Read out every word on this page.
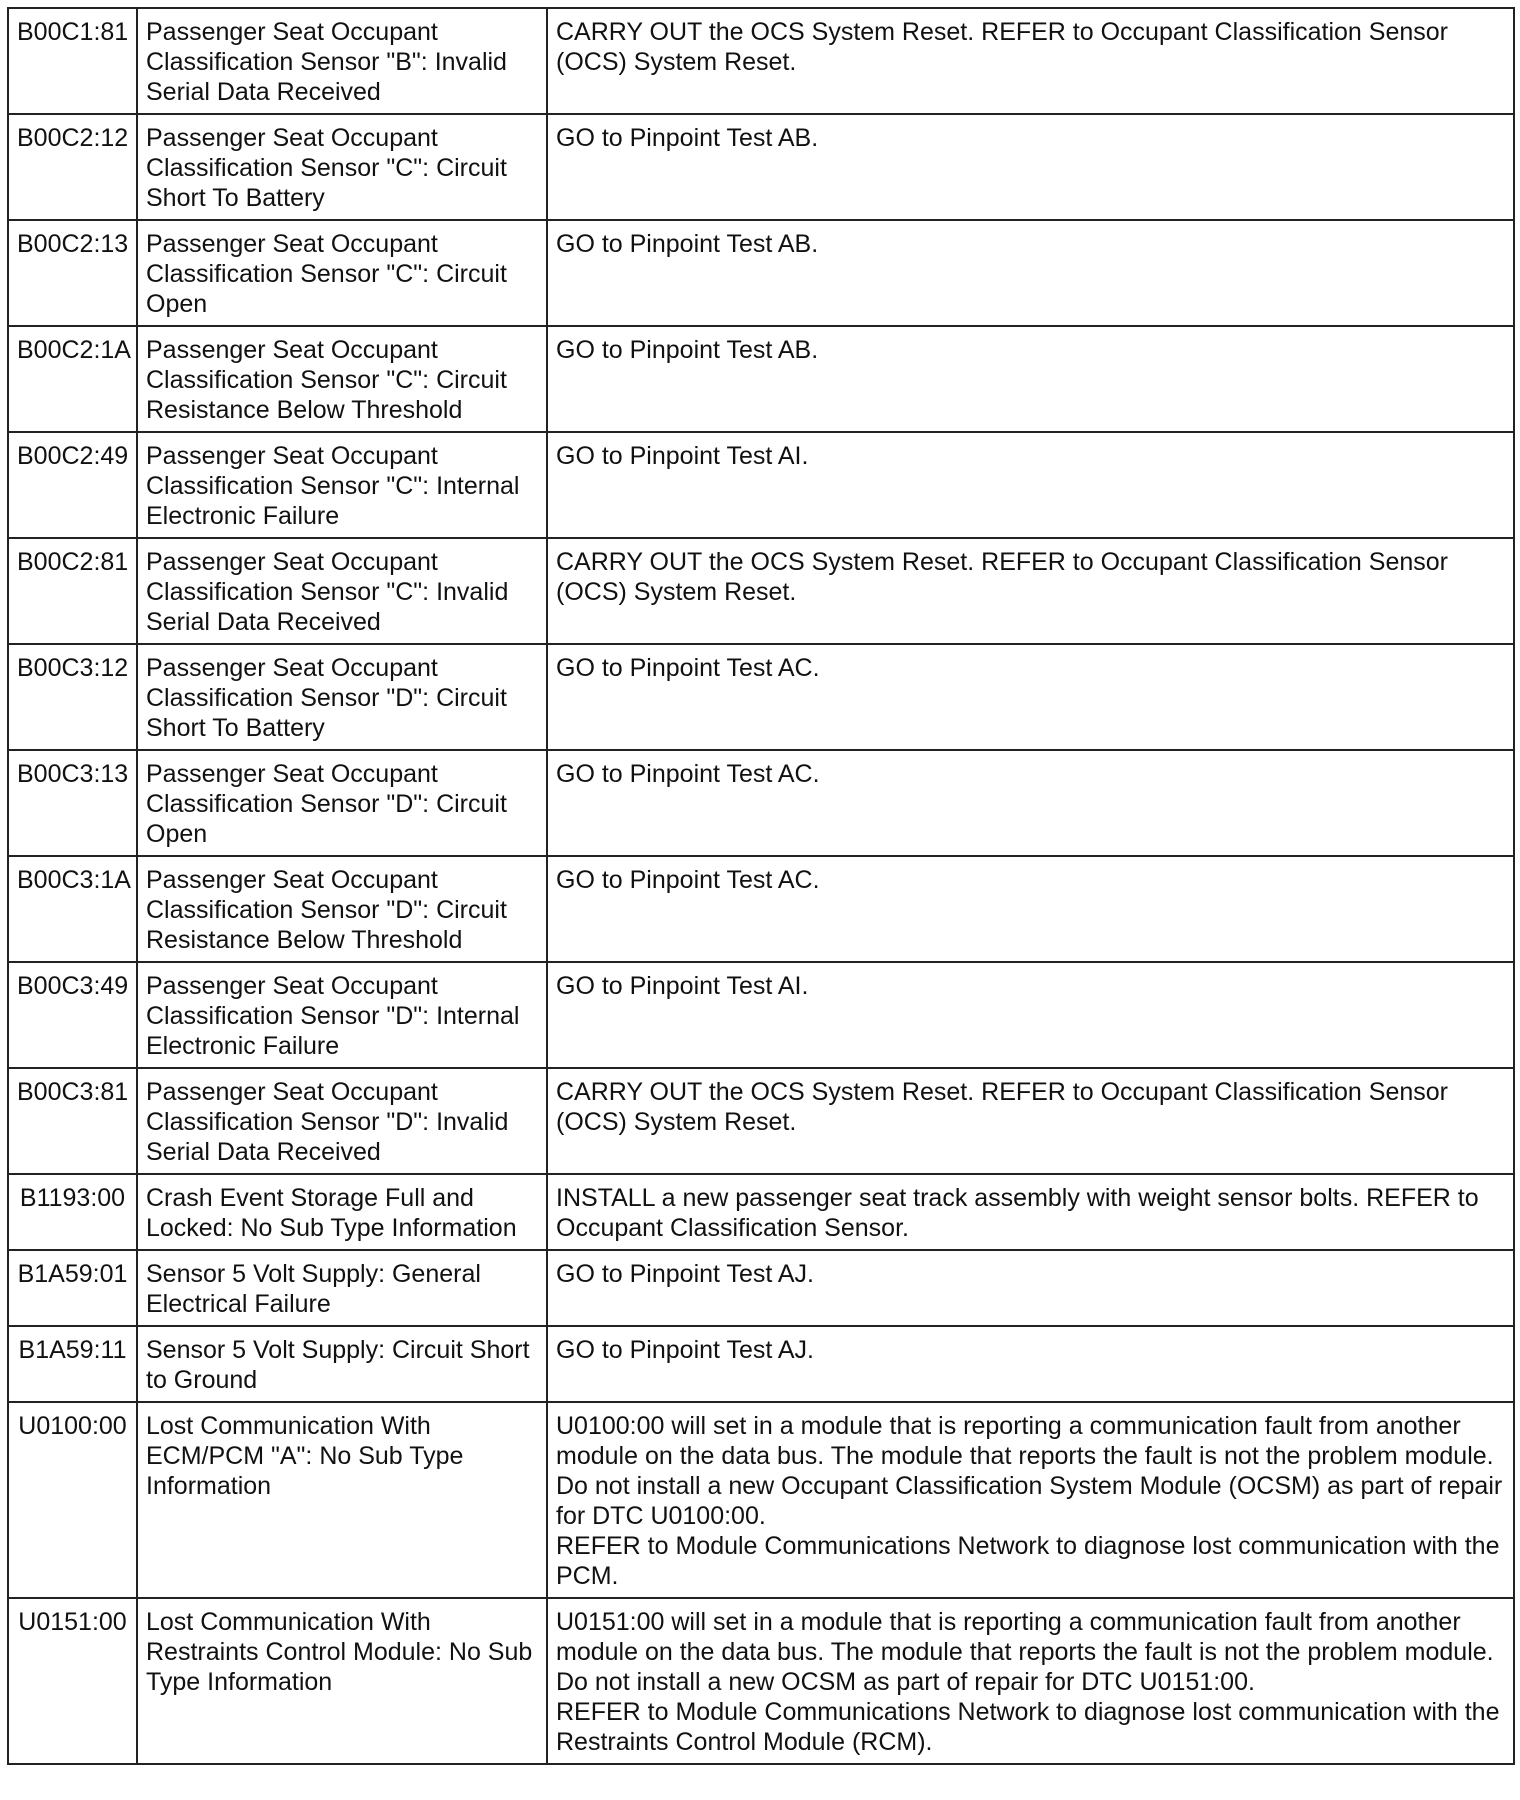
B00C1:81	Passenger Seat Occupant Classification Sensor "B": Invalid Serial Data Received	CARRY OUT the OCS System Reset. REFER to Occupant Classification Sensor (OCS) System Reset.

B00C2:12	Passenger Seat Occupant Classification Sensor "C": Circuit Short To Battery	GO to Pinpoint Test AB.

B00C2:13	Passenger Seat Occupant Classification Sensor "C": Circuit Open	GO to Pinpoint Test AB.

B00C2:1A	Passenger Seat Occupant Classification Sensor "C": Circuit Resistance Below Threshold	GO to Pinpoint Test AB.

B00C2:49	Passenger Seat Occupant Classification Sensor "C": Internal Electronic Failure	GO to Pinpoint Test AI.

B00C2:81	Passenger Seat Occupant Classification Sensor "C": Invalid Serial Data Received	CARRY OUT the OCS System Reset. REFER to Occupant Classification Sensor (OCS) System Reset.

B00C3:12	Passenger Seat Occupant Classification Sensor "D": Circuit Short To Battery	GO to Pinpoint Test AC.

B00C3:13	Passenger Seat Occupant Classification Sensor "D": Circuit Open	GO to Pinpoint Test AC.

B00C3:1A	Passenger Seat Occupant Classification Sensor "D": Circuit Resistance Below Threshold	GO to Pinpoint Test AC.

B00C3:49	Passenger Seat Occupant Classification Sensor "D": Internal Electronic Failure	GO to Pinpoint Test AI.

B00C3:81	Passenger Seat Occupant Classification Sensor "D": Invalid Serial Data Received	CARRY OUT the OCS System Reset. REFER to Occupant Classification Sensor (OCS) System Reset.

B1193:00	Crash Event Storage Full and Locked: No Sub Type Information	INSTALL a new passenger seat track assembly with weight sensor bolts. REFER to Occupant Classification Sensor.

B1A59:01	Sensor 5 Volt Supply: General Electrical Failure	GO to Pinpoint Test AJ.

B1A59:11	Sensor 5 Volt Supply: Circuit Short to Ground	GO to Pinpoint Test AJ.

U0100:00	Lost Communication With ECM/PCM "A": No Sub Type Information	U0100:00 will set in a module that is reporting a communication fault from another module on the data bus. The module that reports the fault is not the problem module. Do not install a new Occupant Classification System Module (OCSM) as part of repair for DTC U0100:00.
REFER to Module Communications Network to diagnose lost communication with the PCM.

U0151:00	Lost Communication With Restraints Control Module: No Sub Type Information	U0151:00 will set in a module that is reporting a communication fault from another module on the data bus. The module that reports the fault is not the problem module. Do not install a new OCSM as part of repair for DTC U0151:00.
REFER to Module Communications Network to diagnose lost communication with the Restraints Control Module (RCM).
